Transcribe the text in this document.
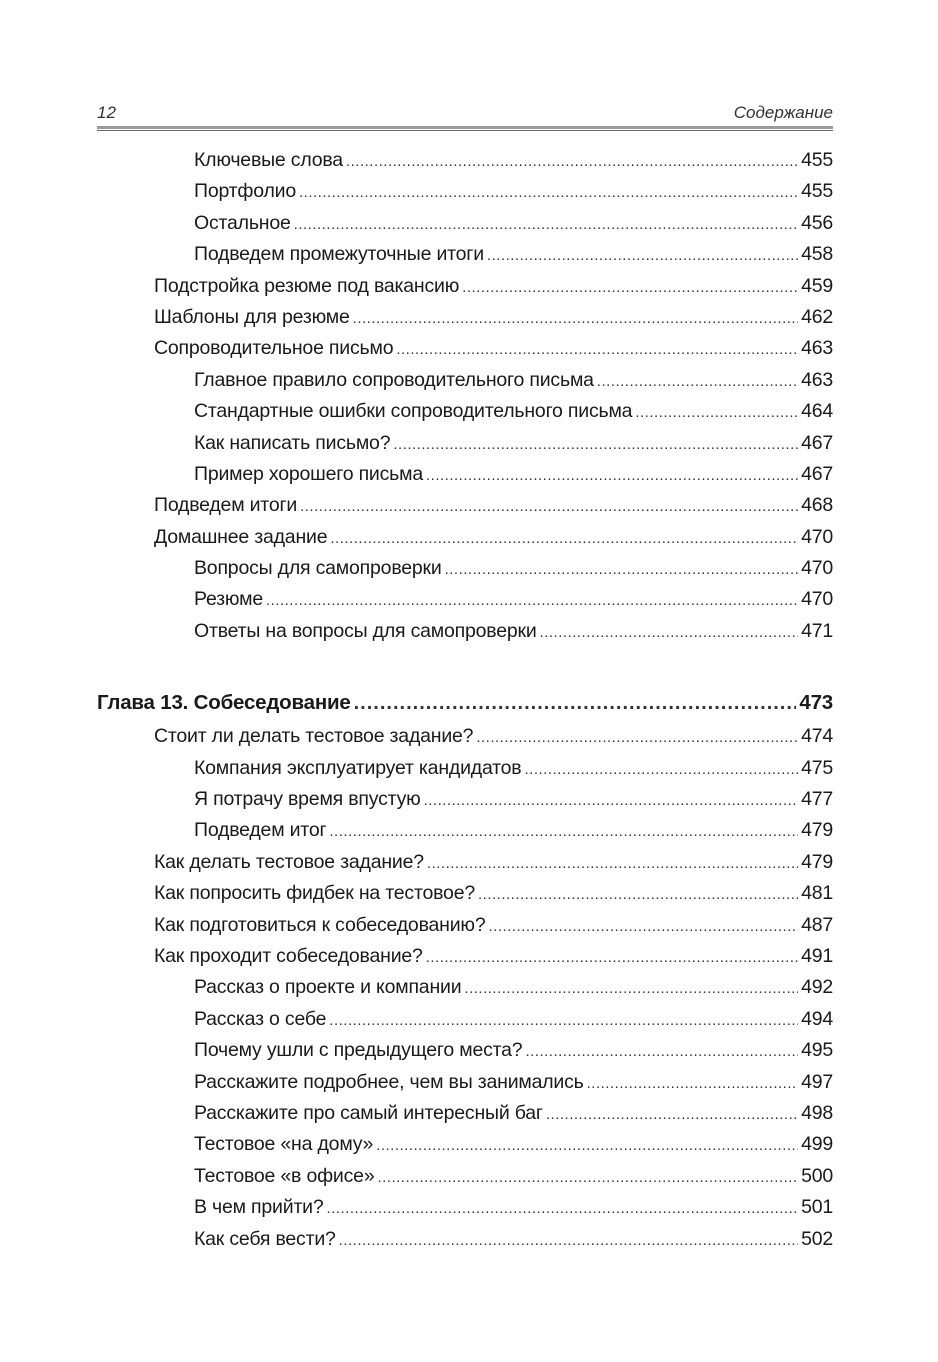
12	Содержание
Ключевые слова .....	455
Портфолио .....	455
Остальное .....	456
Подведем промежуточные итоги .....	458
Подстройка резюме под вакансию .....	459
Шаблоны для резюме .....	462
Сопроводительное письмо .....	463
Главное правило сопроводительного письма .....	463
Стандартные ошибки сопроводительного письма .....	464
Как написать письмо? .....	467
Пример хорошего письма .....	467
Подведем итоги .....	468
Домашнее задание .....	470
Вопросы для самопроверки .....	470
Резюме .....	470
Ответы на вопросы для самопроверки .....	471
Глава 13. Собеседование .....	473
Стоит ли делать тестовое задание? .....	474
Компания эксплуатирует кандидатов .....	475
Я потрачу время впустую .....	477
Подведем итог .....	479
Как делать тестовое задание? .....	479
Как попросить фидбек на тестовое? .....	481
Как подготовиться к собеседованию? .....	487
Как проходит собеседование? .....	491
Рассказ о проекте и компании .....	492
Рассказ о себе .....	494
Почему ушли с предыдущего места? .....	495
Расскажите подробнее, чем вы занимались .....	497
Расскажите про самый интересный баг .....	498
Тестовое «на дому» .....	499
Тестовое «в офисе» .....	500
В чем прийти? .....	501
Как себя вести? .....	502
